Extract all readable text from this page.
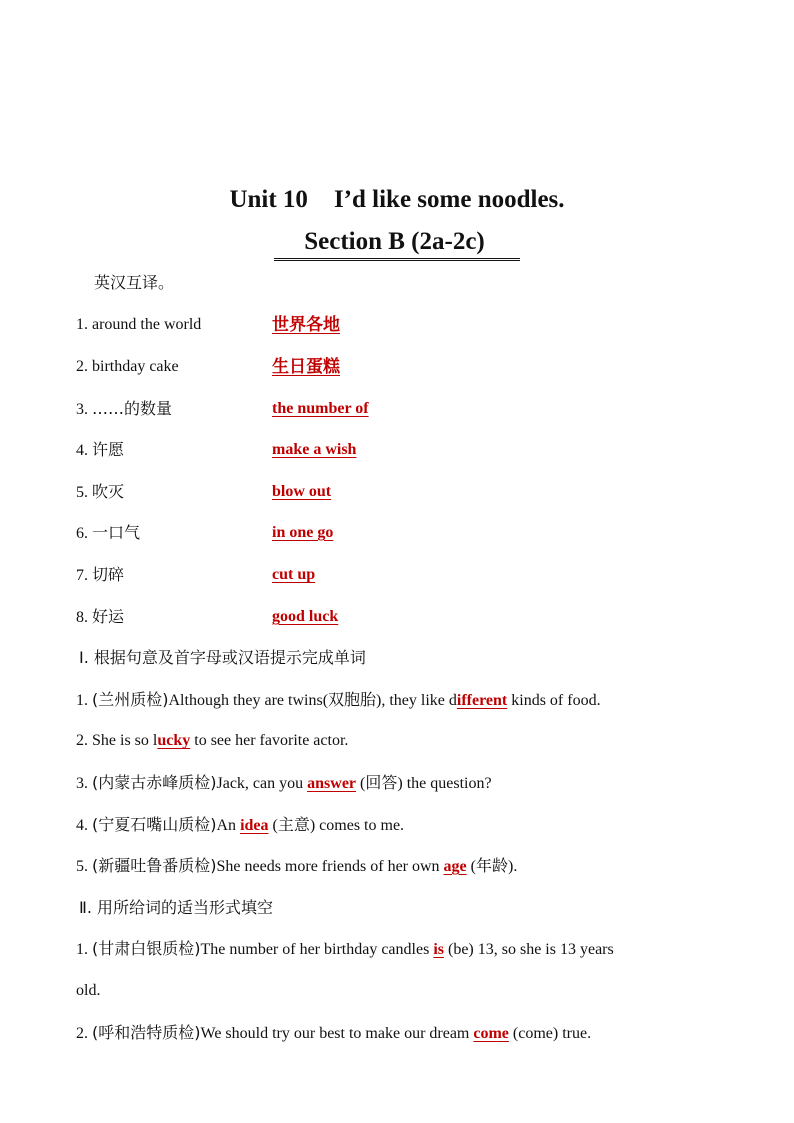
Unit 10 I’d like some noodles.
Section B (2a-2c)
英汉互译。
1. around the world	世界各地
2. birthday cake	生日蛋糕
3. ……的数量	the number of
4. 许愿	make a wish
5. 吹灭	blow out
6. 一口气	in one go
7. 切碎	cut up
8. 好运	good luck
Ⅰ. 根据句意及首字母或汉语提示完成单词
1. (兰州质检)Although they are twins(双胞胎), they like different kinds of food.
2. She is so lucky to see her favorite actor.
3. (内蒙古赤峰质检)Jack, can you answer (回答) the question?
4. (宁夏石嘴山质检)An idea (主意) comes to me.
5. (新疆吐鲁番质检)She needs more friends of her own age (年龄).
Ⅱ. 用所给词的适当形式填空
1. (甘肃白银质检)The number of her birthday candles is (be) 13, so she is 13 years
old.
2. (呼和浩特质检)We should try our best to make our dream come (come) true.
